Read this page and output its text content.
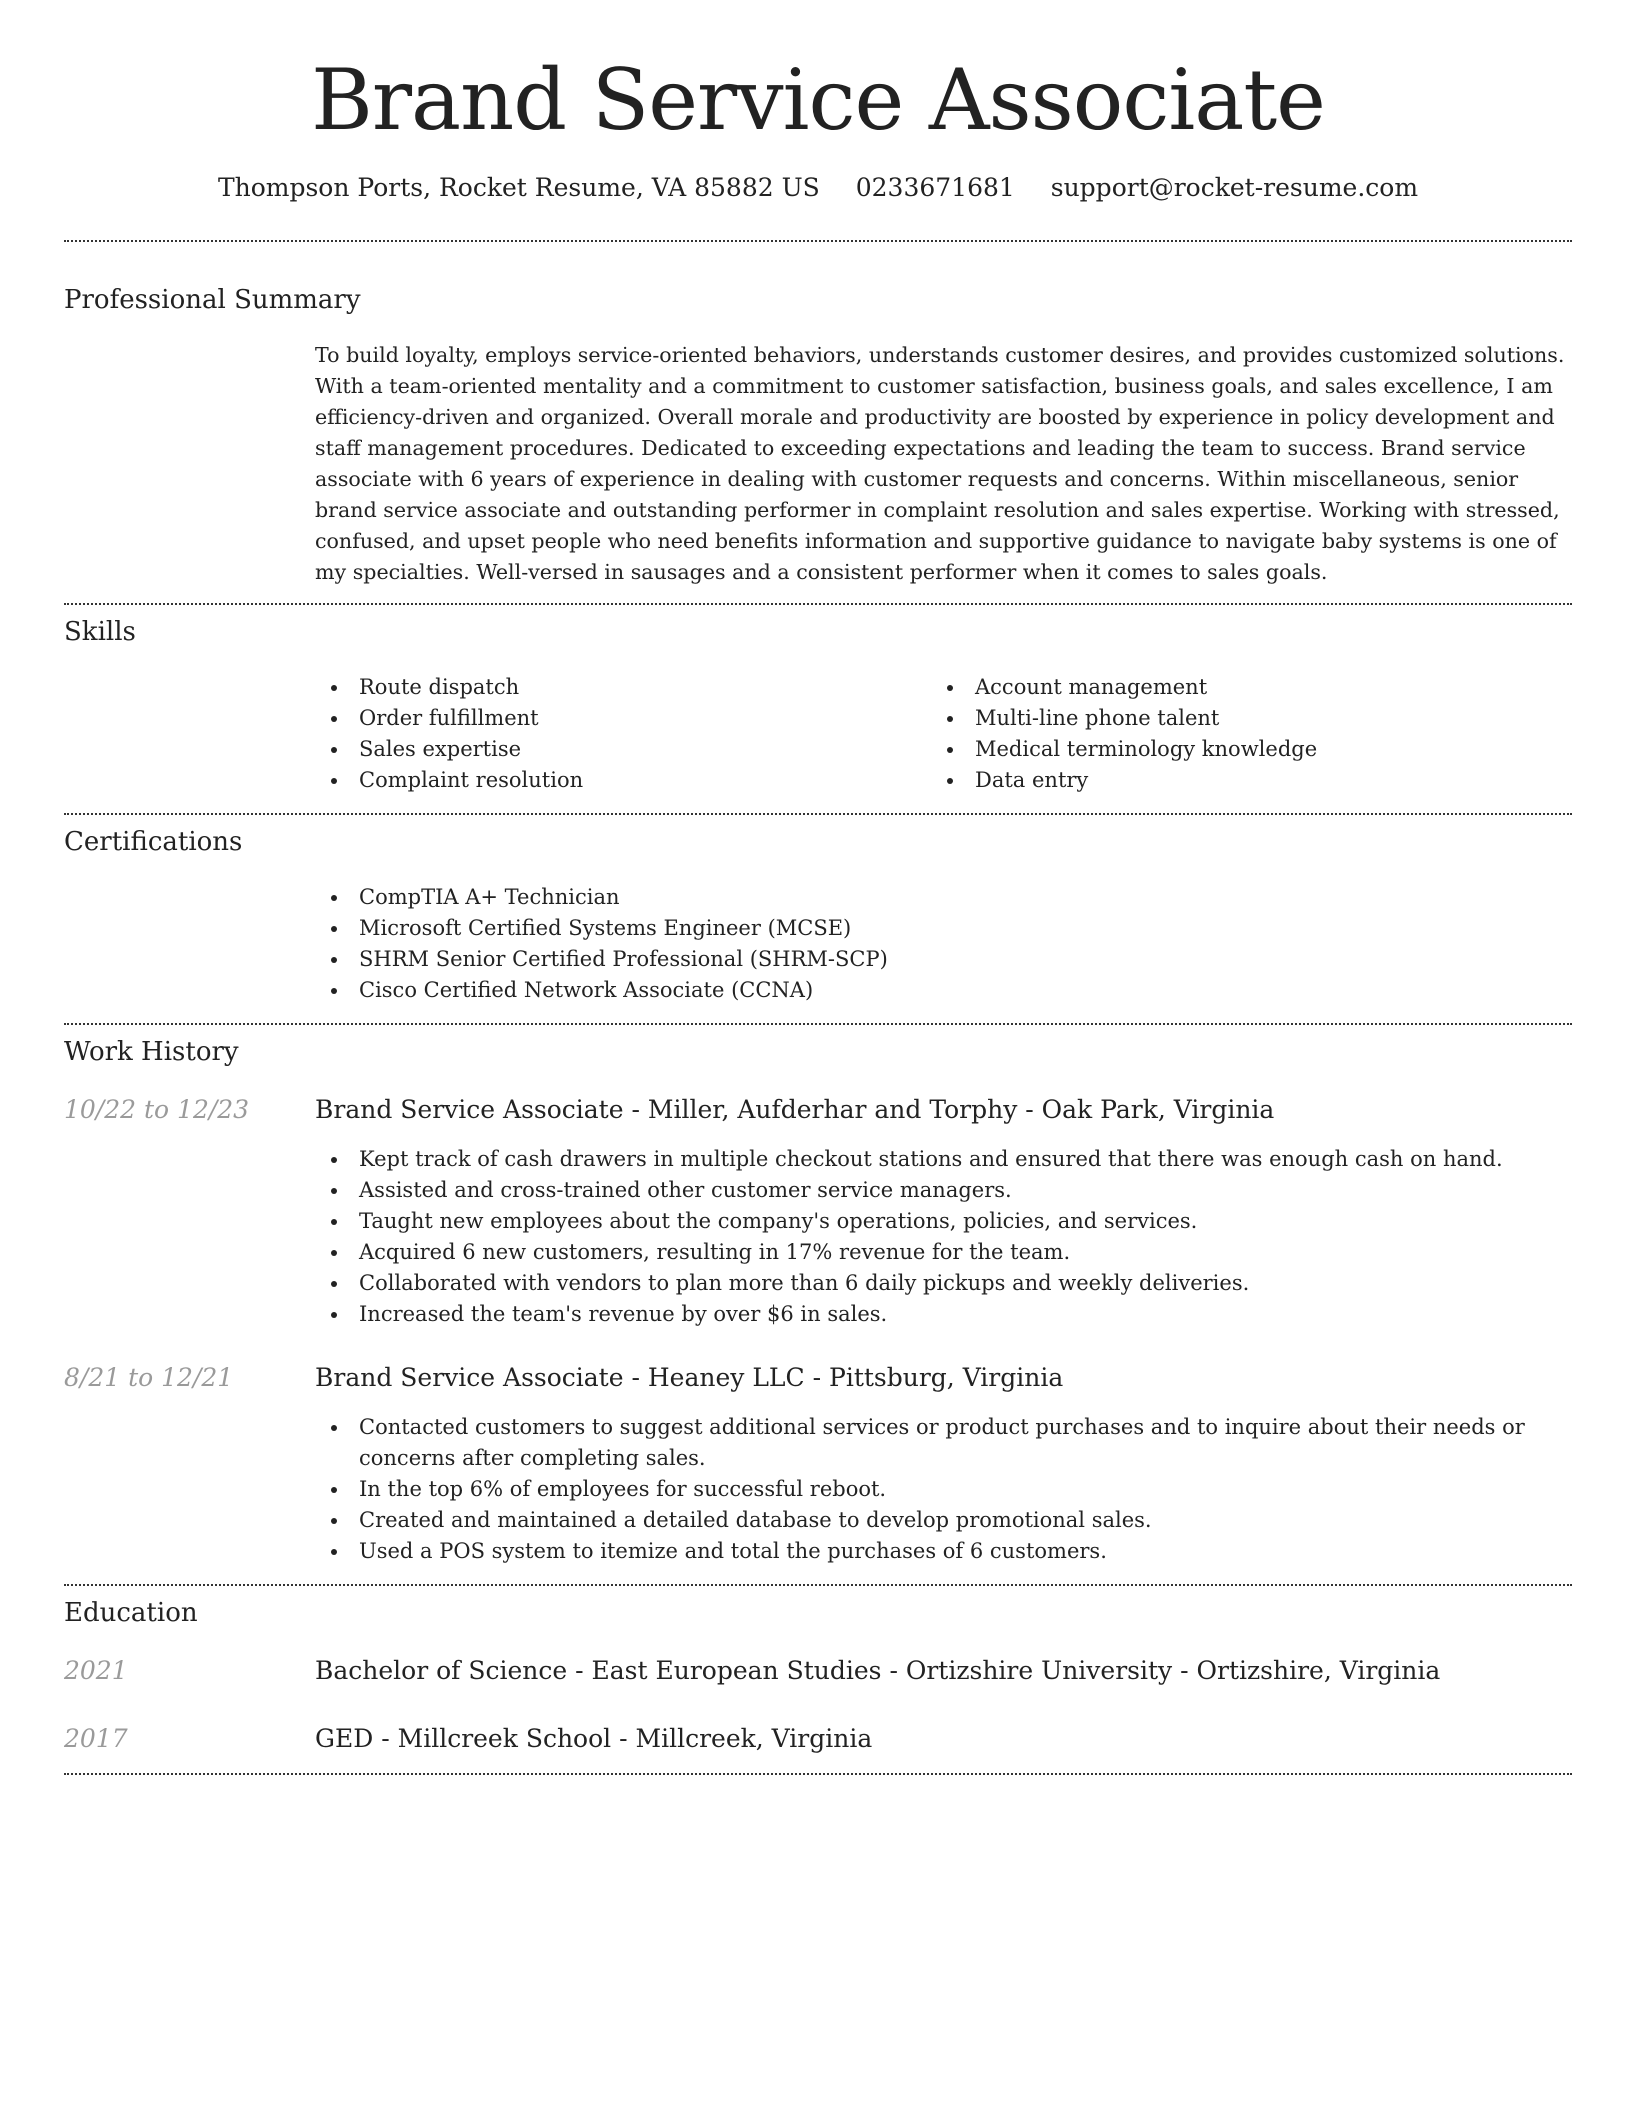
Brand Service Associate
Thompson Ports, Rocket Resume, VA 85882 US 0233671681 support@rocket-resume.com
Professional Summary

To build loyalty, employs service-oriented behaviors, understands customer desires, and provides customized solutions. With a team-oriented mentality and a commitment to customer satisfaction, business goals, and sales excellence, I am efficiency-driven and organized. Overall morale and productivity are boosted by experience in policy development and staff management procedures. Dedicated to exceeding expectations and leading the team to success. Brand service associate with 6 years of experience in dealing with customer requests and concerns. Within miscellaneous, senior brand service associate and outstanding performer in complaint resolution and sales expertise. Working with stressed, confused, and upset people who need benefits information and supportive guidance to navigate baby systems is one of my specialties. Well-versed in sausages and a consistent performer when it comes to sales goals.

Skills
Route dispatch
Order fulfillment
Sales expertise
Complaint resolution
Account management
Multi-line phone talent
Medical terminology knowledge
Data entry
Certifications
CompTIA A+ Technician
Microsoft Certified Systems Engineer (MCSE)
SHRM Senior Certified Professional (SHRM-SCP)
Cisco Certified Network Associate (CCNA)
Work History
10/22 to 12/23	Brand Service Associate - Miller, Aufderhar and Torphy - Oak Park, Virginia
Kept track of cash drawers in multiple checkout stations and ensured that there was enough cash on hand.
Assisted and cross-trained other customer service managers.
Taught new employees about the company's operations, policies, and services.
Acquired 6 new customers, resulting in 17% revenue for the team.
Collaborated with vendors to plan more than 6 daily pickups and weekly deliveries.
Increased the team's revenue by over $6 in sales.
8/21 to 12/21	Brand Service Associate - Heaney LLC - Pittsburg, Virginia
Contacted customers to suggest additional services or product purchases and to inquire about their needs or concerns after completing sales.
In the top 6% of employees for successful reboot.
Created and maintained a detailed database to develop promotional sales.
Used a POS system to itemize and total the purchases of 6 customers.
Education
2021	Bachelor of Science - East European Studies - Ortizshire University - Ortizshire, Virginia
2017	GED - Millcreek School - Millcreek, Virginia
